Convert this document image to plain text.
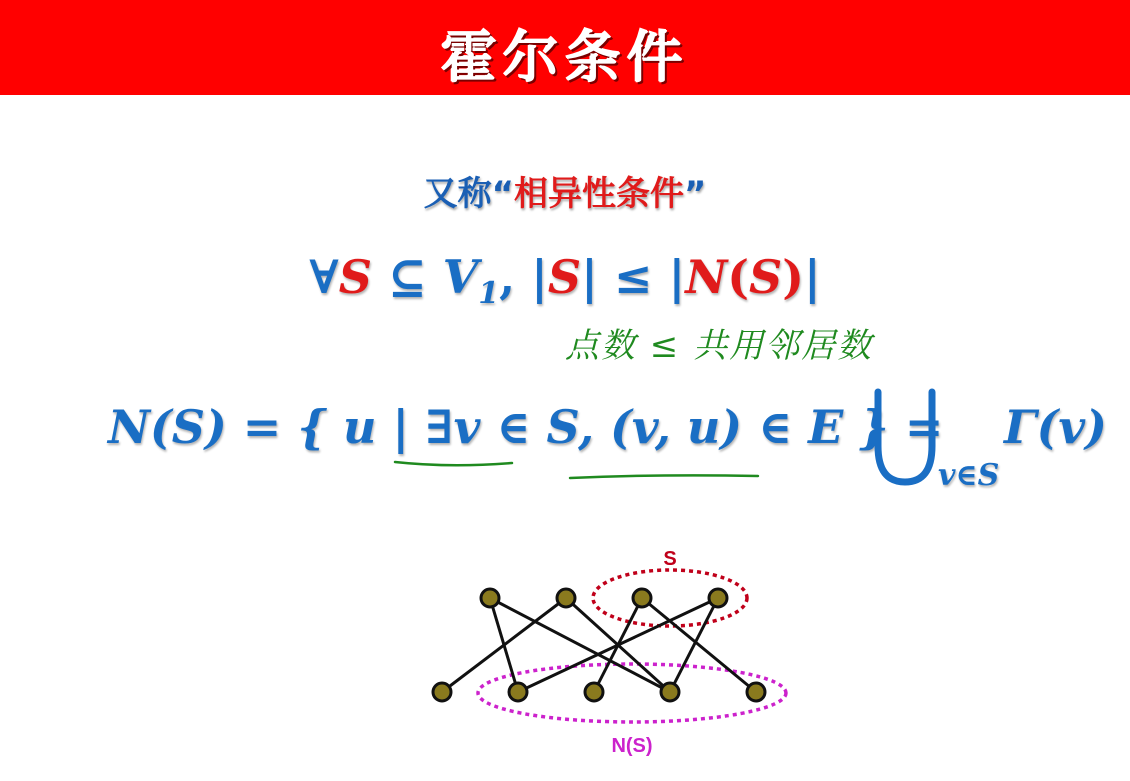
霍尔条件
又称“相异性条件”
∀S ⊆ $V_1$, |S| ≤ |N(S)|
点数 ≤ 共用邻居数
N(S) = { u | ∃v ∈ S, (v, u) ∈ E } =
v∈S
Γ(v)
S
N(S)
